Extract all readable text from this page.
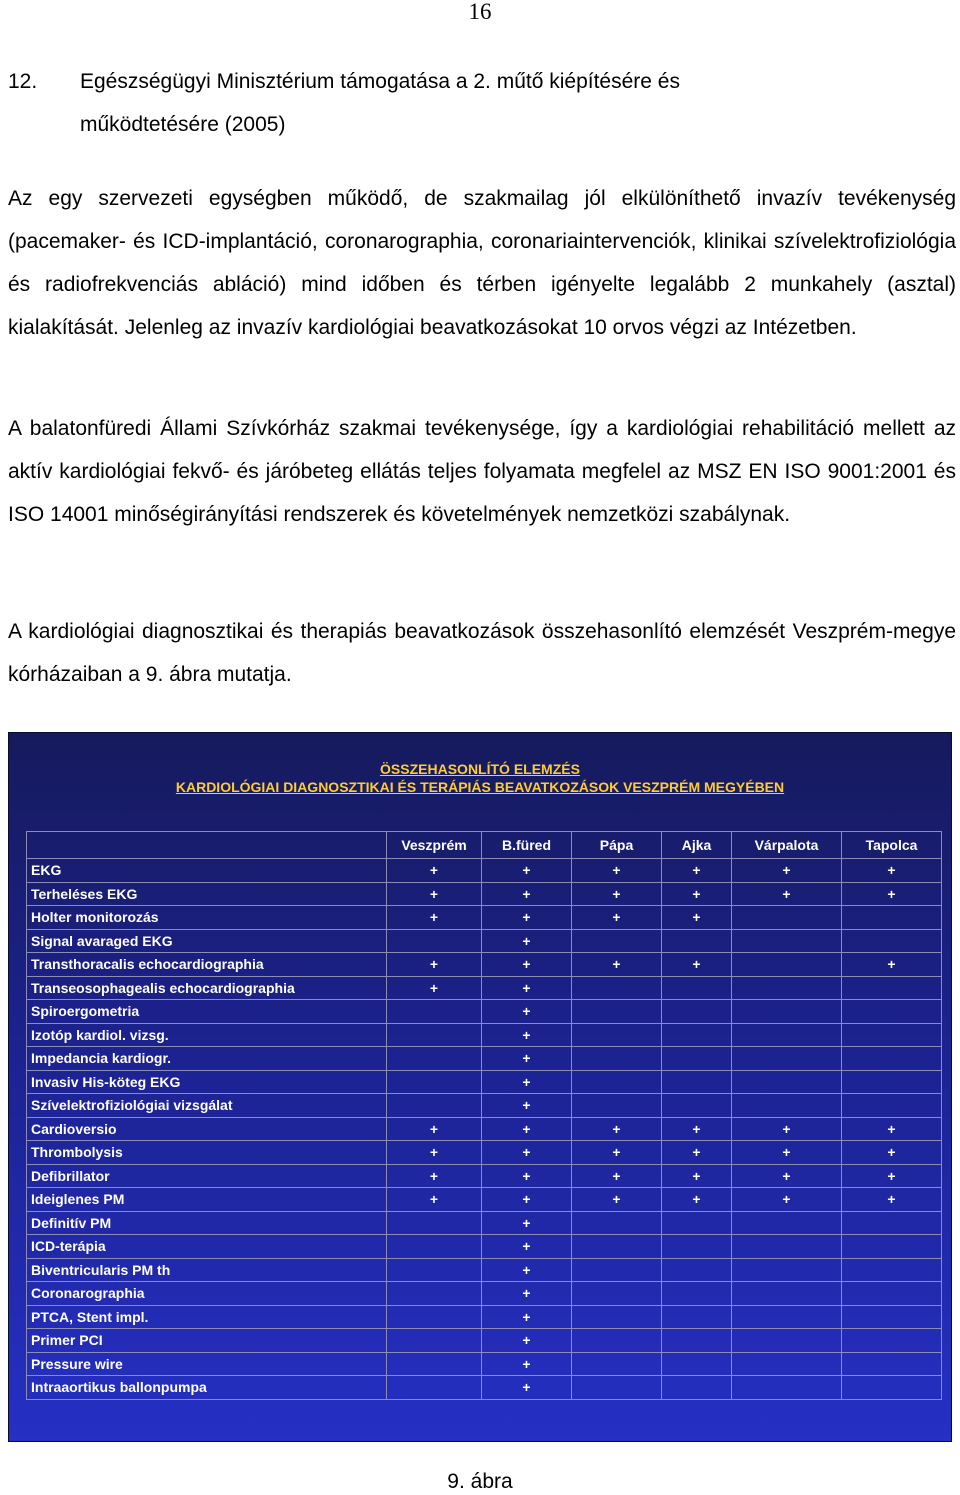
16
12. Egészségügyi Minisztérium támogatása a 2. műtő kiépítésére és
működtetésére (2005)
Az egy szervezeti egységben működő, de szakmailag jól elkülöníthető invazív tevékenység (pacemaker- és ICD-implantáció, coronarographia, coronariaintervenciók, klinikai szívelektrofiziológia és radiofrekvenciás abláció) mind időben és térben igényelte legalább 2 munkahely (asztal) kialakítását. Jelenleg az invazív kardiológiai beavatkozásokat 10 orvos végzi az Intézetben.
A balatonfüredi Állami Szívkórház szakmai tevékenysége, így a kardiológiai rehabilitáció mellett az aktív kardiológiai fekvő- és járóbeteg ellátás teljes folyamata megfelel az MSZ EN ISO 9001:2001 és ISO 14001 minőségirányítási rendszerek és követelmények nemzetközi szabálynak.
A kardiológiai diagnosztikai és therapiás beavatkozások összehasonlító elemzését Veszprém-megye kórházaiban a 9. ábra mutatja.
ÖSSZEHASONLÍTÓ ELEMZÉS
KARDIOLÓGIAI DIAGNOSZTIKAI ÉS TERÁPIÁS BEAVATKOZÁSOK VESZPRÉM MEGYÉBEN
	Veszprém	B.füred	Pápa	Ajka	Várpalota	Tapolca
EKG	+	+	+	+	+	+
Terheléses EKG	+	+	+	+	+	+
Holter monitorozás	+	+	+	+		
Signal avaraged EKG		+				
Transthoracalis echocardiographia	+	+	+	+		+
Transeosophagealis echocardiographia	+	+				
Spiroergometria		+				
Izotóp kardiol. vizsg.		+				
Impedancia kardiogr.		+				
Invasiv His-köteg EKG		+				
Szívelektrofiziológiai vizsgálat		+				
Cardioversio	+	+	+	+	+	+
Thrombolysis	+	+	+	+	+	+
Defibrillator	+	+	+	+	+	+
Ideiglenes PM	+	+	+	+	+	+
Definitív PM		+				
ICD-terápia		+				
Biventricularis PM th		+				
Coronarographia		+				
PTCA, Stent impl.		+				
Primer PCI		+				
Pressure wire		+				
Intraaortikus ballonpumpa		+				
9. ábra
